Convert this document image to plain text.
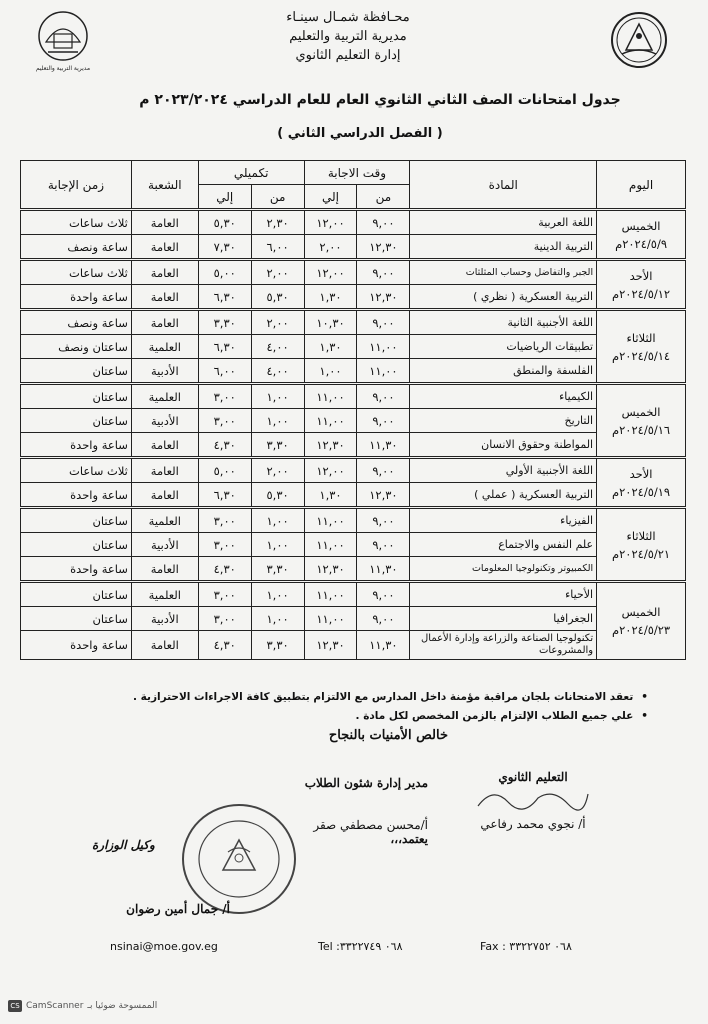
مديرية التربية والتعليم
محـافظة شمـال سينـاء
مديرية التربية والتعليم
إدارة التعليم الثانوي
جدول امتحانات الصف الثاني الثانوي العام للعام الدراسي ٢٠٢٣/٢٠٢٤ م
( الفصل الدراسي الثاني )
اليوم	المادة	وقت الاجابة		تكميلي		الشعبة	زمن الإجابة
		من	إلي	من	إلي		
الخميس
٢٠٢٤/٥/٩م	اللغة العربية	٩,٠٠	١٢,٠٠	٢,٣٠	٥,٣٠	العامة	ثلاث ساعات
	التربية الدينية	١٢,٣٠	٢,٠٠	٦,٠٠	٧,٣٠	العامة	ساعة ونصف
الأحد
٢٠٢٤/٥/١٢م	الجبر والتفاضل وحساب المثلثات	٩,٠٠	١٢,٠٠	٢,٠٠	٥,٠٠	العامة	ثلاث ساعات
	التربية العسكرية ( نظري )	١٢,٣٠	١,٣٠	٥,٣٠	٦,٣٠	العامة	ساعة واحدة
الثلاثاء
٢٠٢٤/٥/١٤م	اللغة الأجنبية الثانية	٩,٠٠	١٠,٣٠	٢,٠٠	٣,٣٠	العامة	ساعة ونصف
	تطبيقات الرياضيات	١١,٠٠	١,٣٠	٤,٠٠	٦,٣٠	العلمية	ساعتان ونصف
	الفلسفة والمنطق	١١,٠٠	١,٠٠	٤,٠٠	٦,٠٠	الأدبية	ساعتان
الخميس
٢٠٢٤/٥/١٦م	الكيمياء	٩,٠٠	١١,٠٠	١,٠٠	٣,٠٠	العلمية	ساعتان
	التاريخ	٩,٠٠	١١,٠٠	١,٠٠	٣,٠٠	الأدبية	ساعتان
	المواطنة وحقوق الانسان	١١,٣٠	١٢,٣٠	٣,٣٠	٤,٣٠	العامة	ساعة واحدة
الأحد
٢٠٢٤/٥/١٩م	اللغة الأجنبية الأولي	٩,٠٠	١٢,٠٠	٢,٠٠	٥,٠٠	العامة	ثلاث ساعات
	التربية العسكرية ( عملي )	١٢,٣٠	١,٣٠	٥,٣٠	٦,٣٠	العامة	ساعة واحدة
الثلاثاء
٢٠٢٤/٥/٢١م	الفيزياء	٩,٠٠	١١,٠٠	١,٠٠	٣,٠٠	العلمية	ساعتان
	علم النفس والاجتماع	٩,٠٠	١١,٠٠	١,٠٠	٣,٠٠	الأدبية	ساعتان
	الكمبيوتر وتكنولوجيا المعلومات	١١,٣٠	١٢,٣٠	٣,٣٠	٤,٣٠	العامة	ساعة واحدة
الخميس
٢٠٢٤/٥/٢٣م	الأحياء	٩,٠٠	١١,٠٠	١,٠٠	٣,٠٠	العلمية	ساعتان
	الجغرافيا	٩,٠٠	١١,٠٠	١,٠٠	٣,٠٠	الأدبية	ساعتان
	تكنولوجيا الصناعة والزراعة وإدارة الأعمال والمشروعات	١١,٣٠	١٢,٣٠	٣,٣٠	٤,٣٠	العامة	ساعة واحدة
• تعقد الامتحانات بلجان مراقبة مؤمنة داخل المدارس مع الالتزام بتطبيق كافة الاجراءات الاحترازية .
• علي جميع الطلاب الإلتزام بالزمن المخصص لكل مادة .
خالص الأمنيات بالنجاح
التعليم الثانوي
أ/ نجوي محمد رفاعي
مدير إدارة شئون الطلاب
أ/محسن مصطفي صقر
يعتمد،،،
وكيل الوزارة
أ/ جمال أمين رضوان
nsinai@moe.gov.eg	Tel :٠٦٨ ٣٣٢٢٧٤٩	Fax : ٠٦٨ ٣٣٢٢٧٥٢
CS CamScanner الممسوحة ضوئيا بـ
